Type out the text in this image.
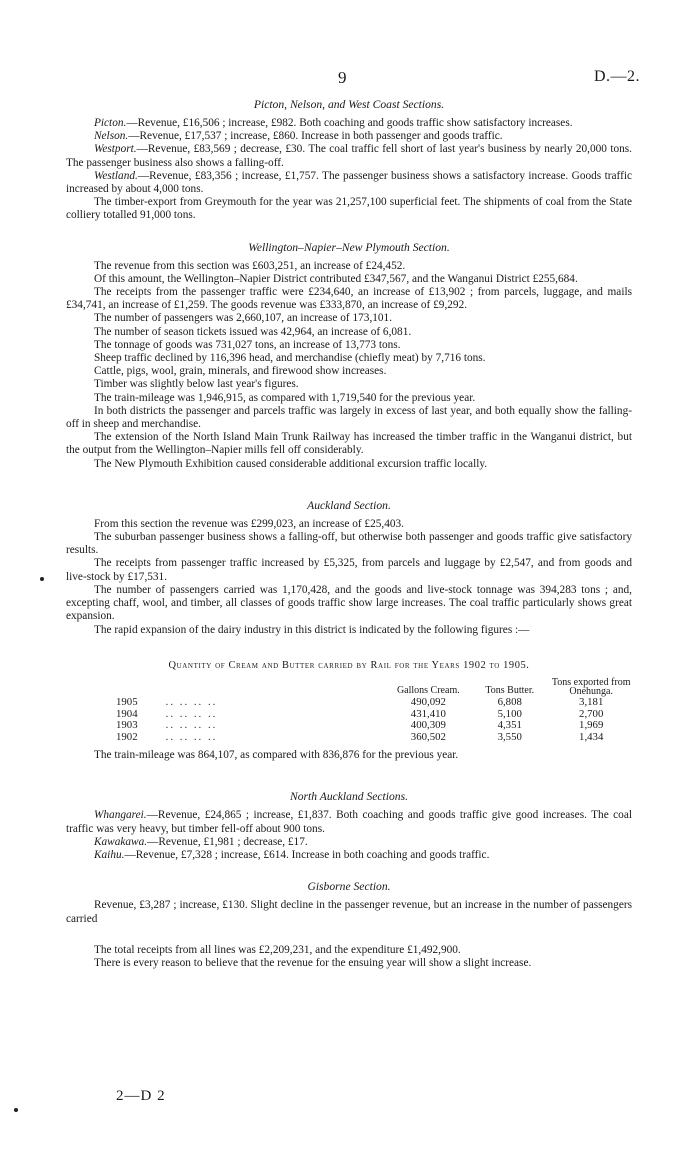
9	D.—2.
Picton, Nelson, and West Coast Sections.

Picton.—Revenue, £16,506 ; increase, £982. Both coaching and goods traffic show satisfactory increases.

Nelson.—Revenue, £17,537 ; increase, £860. Increase in both passenger and goods traffic.

Westport.—Revenue, £83,569 ; decrease, £30. The coal traffic fell short of last year's business by nearly 20,000 tons. The passenger business also shows a falling-off.

Westland.—Revenue, £83,356 ; increase, £1,757. The passenger business shows a satisfactory increase. Goods traffic increased by about 4,000 tons.

The timber-export from Greymouth for the year was 21,257,100 superficial feet. The shipments of coal from the State colliery totalled 91,000 tons.

Wellington–Napier–New Plymouth Section.

The revenue from this section was £603,251, an increase of £24,452.

Of this amount, the Wellington–Napier District contributed £347,567, and the Wanganui District £255,684.

The receipts from the passenger traffic were £234,640, an increase of £13,902 ; from parcels, luggage, and mails £34,741, an increase of £1,259. The goods revenue was £333,870, an increase of £9,292.

The number of passengers was 2,660,107, an increase of 173,101.

The number of season tickets issued was 42,964, an increase of 6,081.

The tonnage of goods was 731,027 tons, an increase of 13,773 tons.

Sheep traffic declined by 116,396 head, and merchandise (chiefly meat) by 7,716 tons.

Cattle, pigs, wool, grain, minerals, and firewood show increases.

Timber was slightly below last year's figures.

The train-mileage was 1,946,915, as compared with 1,719,540 for the previous year.

In both districts the passenger and parcels traffic was largely in excess of last year, and both equally show the falling-off in sheep and merchandise.

The extension of the North Island Main Trunk Railway has increased the timber traffic in the Wanganui district, but the output from the Wellington–Napier mills fell off considerably.

The New Plymouth Exhibition caused considerable additional excursion traffic locally.

Auckland Section.

From this section the revenue was £299,023, an increase of £25,403.

The suburban passenger business shows a falling-off, but otherwise both passenger and goods traffic give satisfactory results.

The receipts from passenger traffic increased by £5,325, from parcels and luggage by £2,547, and from goods and live-stock by £17,531.

The number of passengers carried was 1,170,428, and the goods and live-stock tonnage was 394,283 tons ; and, excepting chaff, wool, and timber, all classes of goods traffic show large increases. The coal traffic particularly shows great expansion.

The rapid expansion of the dairy industry in this district is indicated by the following figures :—

Quantity of Cream and Butter carried by Rail for the Years 1902 to 1905.
		Gallons Cream.	Tons Butter.	Tons exported from Onehunga.
1905	.. .. .. ..	490,092	6,808	3,181
1904	.. .. .. ..	431,410	5,100	2,700
1903	.. .. .. ..	400,309	4,351	1,969
1902	.. .. .. ..	360,502	3,550	1,434

The train-mileage was 864,107, as compared with 836,876 for the previous year.

North Auckland Sections.

Whangarei.—Revenue, £24,865 ; increase, £1,837. Both coaching and goods traffic give good increases. The coal traffic was very heavy, but timber fell-off about 900 tons.

Kawakawa.—Revenue, £1,981 ; decrease, £17.

Kaihu.—Revenue, £7,328 ; increase, £614. Increase in both coaching and goods traffic.

Gisborne Section.

Revenue, £3,287 ; increase, £130. Slight decline in the passenger revenue, but an increase in the number of passengers carried

The total receipts from all lines was £2,209,231, and the expenditure £1,492,900.

There is every reason to believe that the revenue for the ensuing year will show a slight increase.

2—D 2
